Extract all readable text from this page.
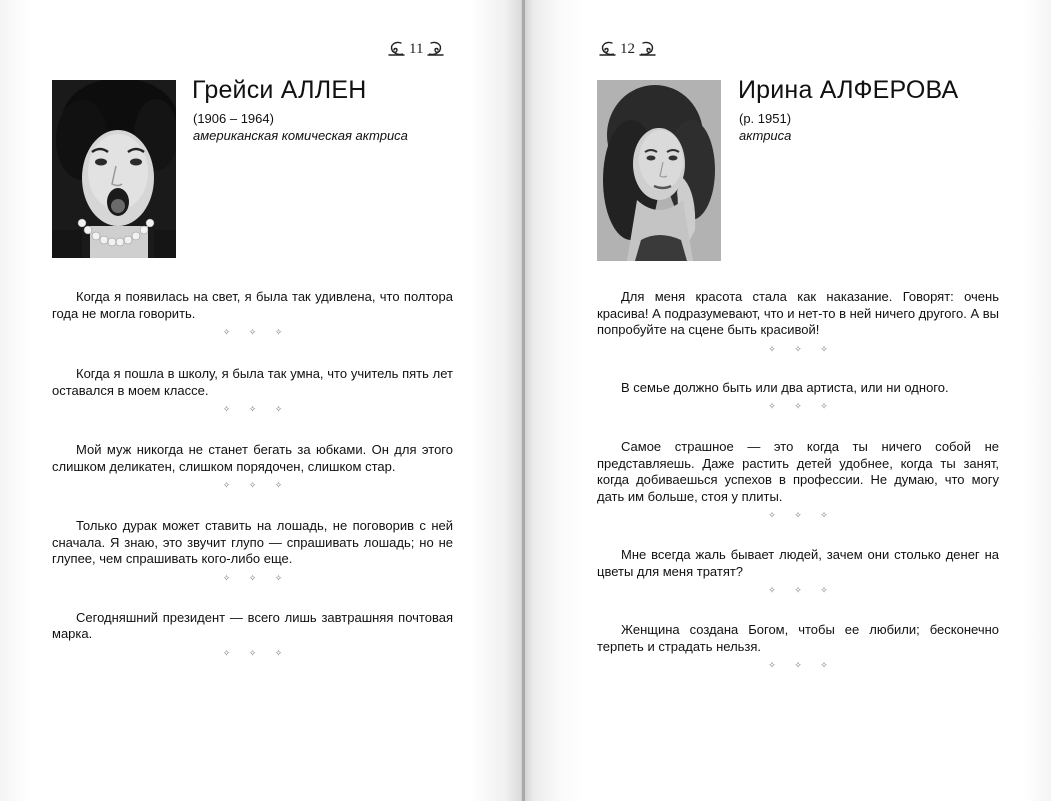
11
Грейси АЛЛЕН
(1906 – 1964)
американская комическая актриса

Когда я появилась на свет, я была так удивлена, что полтора года не могла говорить.

✧ ✧ ✧

Когда я пошла в школу, я была так умна, что учитель пять лет оставался в моем классе.

✧ ✧ ✧

Мой муж никогда не станет бегать за юбками. Он для этого слишком деликатен, слишком порядочен, слишком стар.

✧ ✧ ✧

Только дурак может ставить на лошадь, не поговорив с ней сначала. Я знаю, это звучит глупо — спрашивать лошадь; но не глупее, чем спрашивать кого-либо еще.

✧ ✧ ✧

Сегодняшний президент — всего лишь завтрашняя почтовая марка.

✧ ✧ ✧
12
Ирина АЛФЕРОВА
(р. 1951)
актриса

Для меня красота стала как наказание. Говорят: очень красива! А подразумевают, что и нет-то в ней ничего другого. А вы попробуйте на сцене быть красивой!

✧ ✧ ✧

В семье должно быть или два артиста, или ни одного.

✧ ✧ ✧

Самое страшное — это когда ты ничего собой не представляешь. Даже растить детей удобнее, когда ты занят, когда добиваешься успехов в профессии. Не думаю, что могу дать им больше, стоя у плиты.

✧ ✧ ✧

Мне всегда жаль бывает людей, зачем они столько денег на цветы для меня тратят?

✧ ✧ ✧

Женщина создана Богом, чтобы ее любили; бесконечно терпеть и страдать нельзя.

✧ ✧ ✧
